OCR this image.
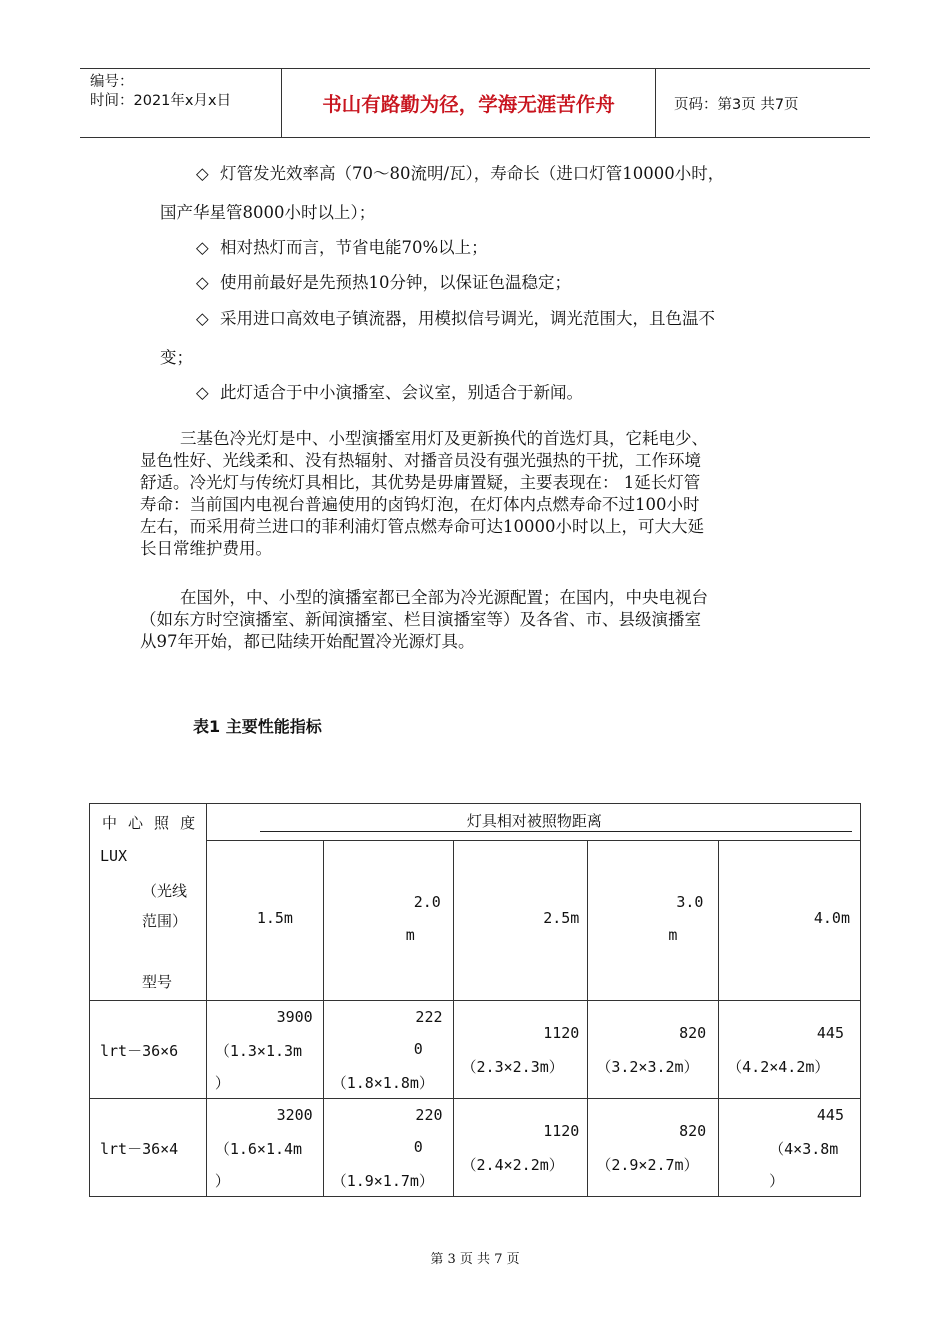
编号：
时间：2021年x月x日	书山有路勤为径，学海无涯苦作舟	页码：第3页 共7页
◇ 灯管发光效率高（70～80流明/瓦），寿命长（进口灯管10000小时，
国产华星管8000小时以上）；
◇ 相对热灯而言，节省电能70%以上；
◇ 使用前最好是先预热10分钟，以保证色温稳定；
◇ 采用进口高效电子镇流器，用模拟信号调光，调光范围大，且色温不
变；
◇ 此灯适合于中小演播室、会议室，别适合于新闻。
三基色冷光灯是中、小型演播室用灯及更新换代的首选灯具，它耗电少、
显色性好、光线柔和、没有热辐射、对播音员没有强光强热的干扰，工作环境
舒适。冷光灯与传统灯具相比，其优势是毋庸置疑，主要表现在： 1延长灯管
寿命：当前国内电视台普遍使用的卤钨灯泡，在灯体内点燃寿命不过100小时
左右，而采用荷兰进口的菲利浦灯管点燃寿命可达10000小时以上，可大大延
长日常维护费用。
在国外，中、小型的演播室都已全部为冷光源配置；在国内，中央电视台
（如东方时空演播室、新闻演播室、栏目演播室等）及各省、市、县级演播室
从97年开始，都已陆续开始配置冷光源灯具。
表1 主要性能指标
中 心 照 度
LUX
（光线
范围）
型号	灯具相对被照物距离				

	1.5m	2.0
m	2.5m	3.0
m	4.0m

lrt－36×6	3900
（1.3×1.3m
）	222
0
（1.8×1.8m）	1120
（2.3×2.3m）	820
（3.2×3.2m）	445
（4.2×4.2m）

lrt－36×4	3200
（1.6×1.4m
）	220
0
（1.9×1.7m）	1120
（2.4×2.2m）	820
（2.9×2.7m）	445
（4×3.8m
）
第 3 页 共 7 页
